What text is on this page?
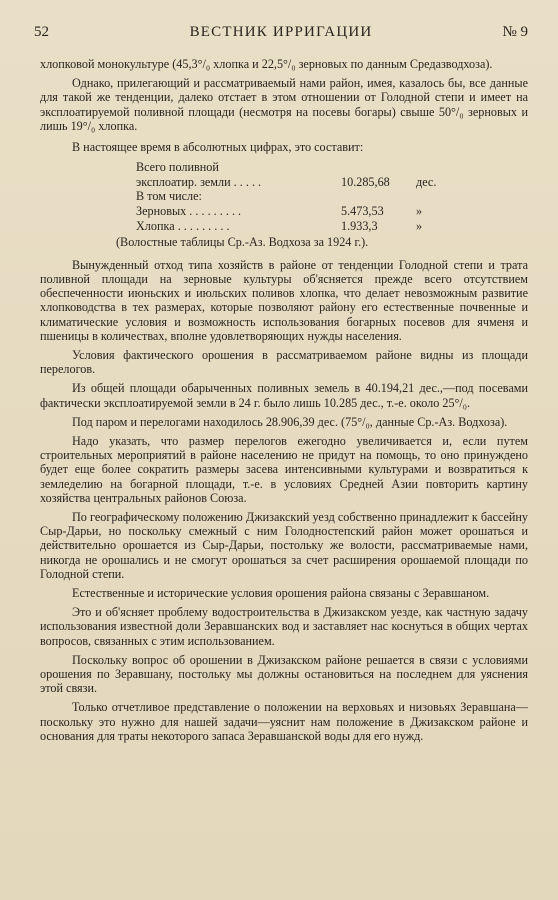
52	ВЕСТНИК ИРРИГАЦИИ	№ 9

хлопковой монокультуре (45,3°/₀ хлопка и 22,5°/₀ зерновых по данным Средазводхоза).

Однако, прилегающий и рассматриваемый нами район, имея, казалось бы, все данные для такой же тенденции, далеко отстает в этом отношении от Голодной степи и имеет на эксплоатируемой поливной площади (несмотря на посевы богары) свыше 50°/₀ зерновых и лишь 19°/₀ хлопка.

В настоящее время в абсолютных цифрах, это составит:

Всего поливной
эксплоатир. земли . . . . .	10.285,68 дес.
В том числе:
Зерновых . . . . . . . . .	5.473,53	»
Хлопка . . . . . . . . .	1.933,3	»
(Волостные таблицы Ср.-Аз. Водхоза за 1924 г.).

Вынужденный отход типа хозяйств в районе от тенденции Голодной степи и трата поливной площади на зерновые культуры об'ясняется прежде всего отсутствием обеспеченности июньских и июльских поливов хлопка, что делает невозможным развитие хлопководства в тех размерах, которые позволяют району его естественные почвенные и климатические условия и возможность использования богарных посевов для ячменя и пшеницы в количествах, вполне удовлетворяющих нужды населения.

Условия фактического орошения в рассматриваемом районе видны из площади перелогов.

Из общей площади обарыченных поливных земель в 40.194,21 дес.,—под посевами фактически эксплоатируемой земли в 24 г. было лишь 10.285 дес., т.-е. около 25°/₀.

Под паром и перелогами находилось 28.906,39 дес. (75°/₀, данные Ср.-Аз. Водхоза).

Надо указать, что размер перелогов ежегодно увеличивается и, если путем строительных мероприятий в районе населению не придут на помощь, то оно принуждено будет еще более сократить размеры засева интенсивными культурами и возвратиться к земледелию на богарной площади, т.-е. в условиях Средней Азии повторить картину хозяйства центральных районов Союза.

По географическому положению Джизакский уезд собственно принадлежит к бассейну Сыр-Дарьи, но поскольку смежный с ним Голодностепский район может орошаться и действительно орошается из Сыр-Дарьи, постольку же волости, рассматриваемые нами, никогда не орошались и не смогут орошаться за счет расширения орошаемой площади по Голодной степи.

Естественные и исторические условия орошения района связаны с Зеравшаном.

Это и об'ясняет проблему водостроительства в Джизакском уезде, как частную задачу использования известной доли Зеравшанских вод и заставляет нас коснуться в общих чертах вопросов, связанных с этим использованием.

Поскольку вопрос об орошении в Джизакском районе решается в связи с условиями орошения по Зеравшану, постольку мы должны остановиться на последнем для уяснения этой связи.

Только отчетливое представление о положении на верховьях и низовьях Зеравшана—поскольку это нужно для нашей задачи—уяснит нам положение в Джизакском районе и основания для траты некоторого запаса Зеравшанской воды для его нужд.
